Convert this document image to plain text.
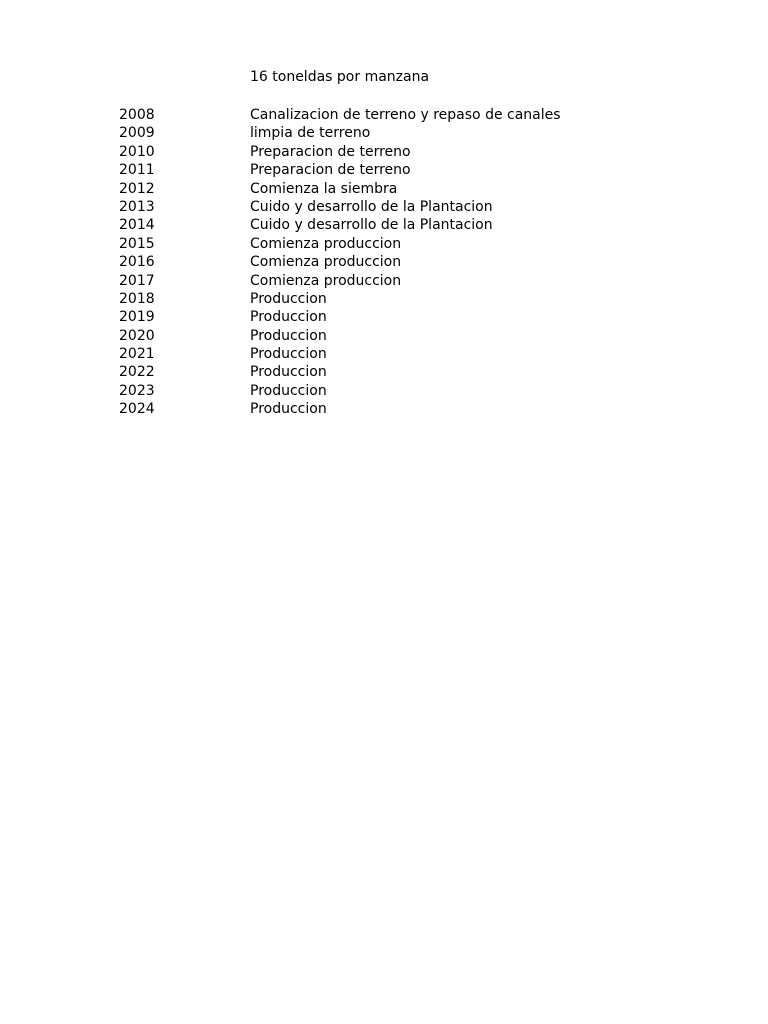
16 toneldas por manzana
2008	Canalizacion de terreno y repaso de canales
2009	limpia de terreno
2010	Preparacion de terreno
2011	Preparacion de terreno
2012	Comienza la siembra
2013	Cuido y desarrollo de la Plantacion
2014	Cuido y desarrollo de la Plantacion
2015	Comienza produccion
2016	Comienza produccion
2017	Comienza produccion
2018	Produccion
2019	Produccion
2020	Produccion
2021	Produccion
2022	Produccion
2023	Produccion
2024	Produccion
